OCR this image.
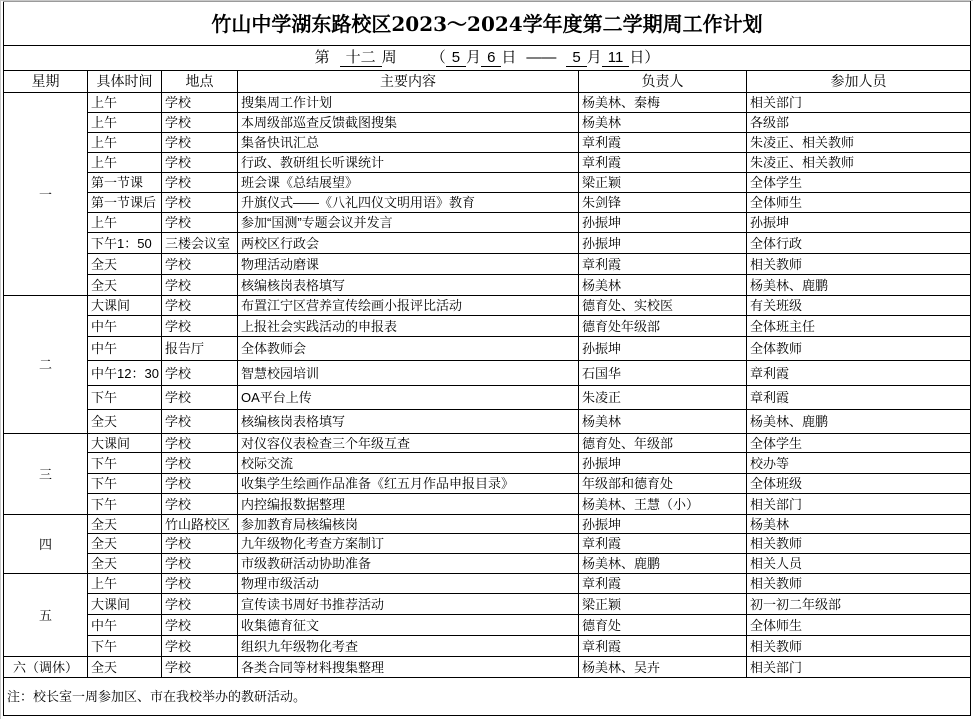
竹山中学湖东路校区2023～2024学年度第二学期周工作计划					
第 十二 周 （ 5 月 6 日 —— 5 月 11 日）					
星期	具体时间	地点	主要内容	负责人	参加人员
一	上午	学校	搜集周工作计划	杨美林、秦梅	相关部门
	上午	学校	本周级部巡查反馈截图搜集	杨美林	各级部
	上午	学校	集备快讯汇总	章利霞	朱凌正、相关教师
	上午	学校	行政、教研组长听课统计	章利霞	朱凌正、相关教师
	第一节课	学校	班会课《总结展望》	梁正颖	全体学生
	第一节课后	学校	升旗仪式——《八礼四仪文明用语》教育	朱剑锋	全体师生
	上午	学校	参加“国测”专题会议并发言	孙振坤	孙振坤
	下午1：50	三楼会议室	两校区行政会	孙振坤	全体行政
	全天	学校	物理活动磨课	章利霞	相关教师
	全天	学校	核编核岗表格填写	杨美林	杨美林、鹿鹏
二	大课间	学校	布置江宁区营养宣传绘画小报评比活动	德育处、实校医	有关班级
	中午	学校	上报社会实践活动的申报表	德育处年级部	全体班主任
	中午	报告厅	全体教师会	孙振坤	全体教师
	中午12：30	学校	智慧校园培训	石国华	章利霞
	下午	学校	OA平台上传	朱凌正	章利霞
	全天	学校	核编核岗表格填写	杨美林	杨美林、鹿鹏
三	大课间	学校	对仪容仪表检查三个年级互查	德育处、年级部	全体学生
	下午	学校	校际交流	孙振坤	校办等
	下午	学校	收集学生绘画作品准备《红五月作品申报目录》	年级部和德育处	全体班级
	下午	学校	内控编报数据整理	杨美林、王慧（小）	相关部门
四	全天	竹山路校区	参加教育局核编核岗	孙振坤	杨美林
	全天	学校	九年级物化考查方案制订	章利霞	相关教师
	全天	学校	市级教研活动协助准备	杨美林、鹿鹏	相关人员
五	上午	学校	物理市级活动	章利霞	相关教师
	大课间	学校	宣传读书周好书推荐活动	梁正颖	初一初二年级部
	中午	学校	收集德育征文	德育处	全体师生
	下午	学校	组织九年级物化考查	章利霞	相关教师
六（调休）	全天	学校	各类合同等材料搜集整理	杨美林、吴卉	相关部门
注：校长室一周参加区、市在我校举办的教研活动。					
